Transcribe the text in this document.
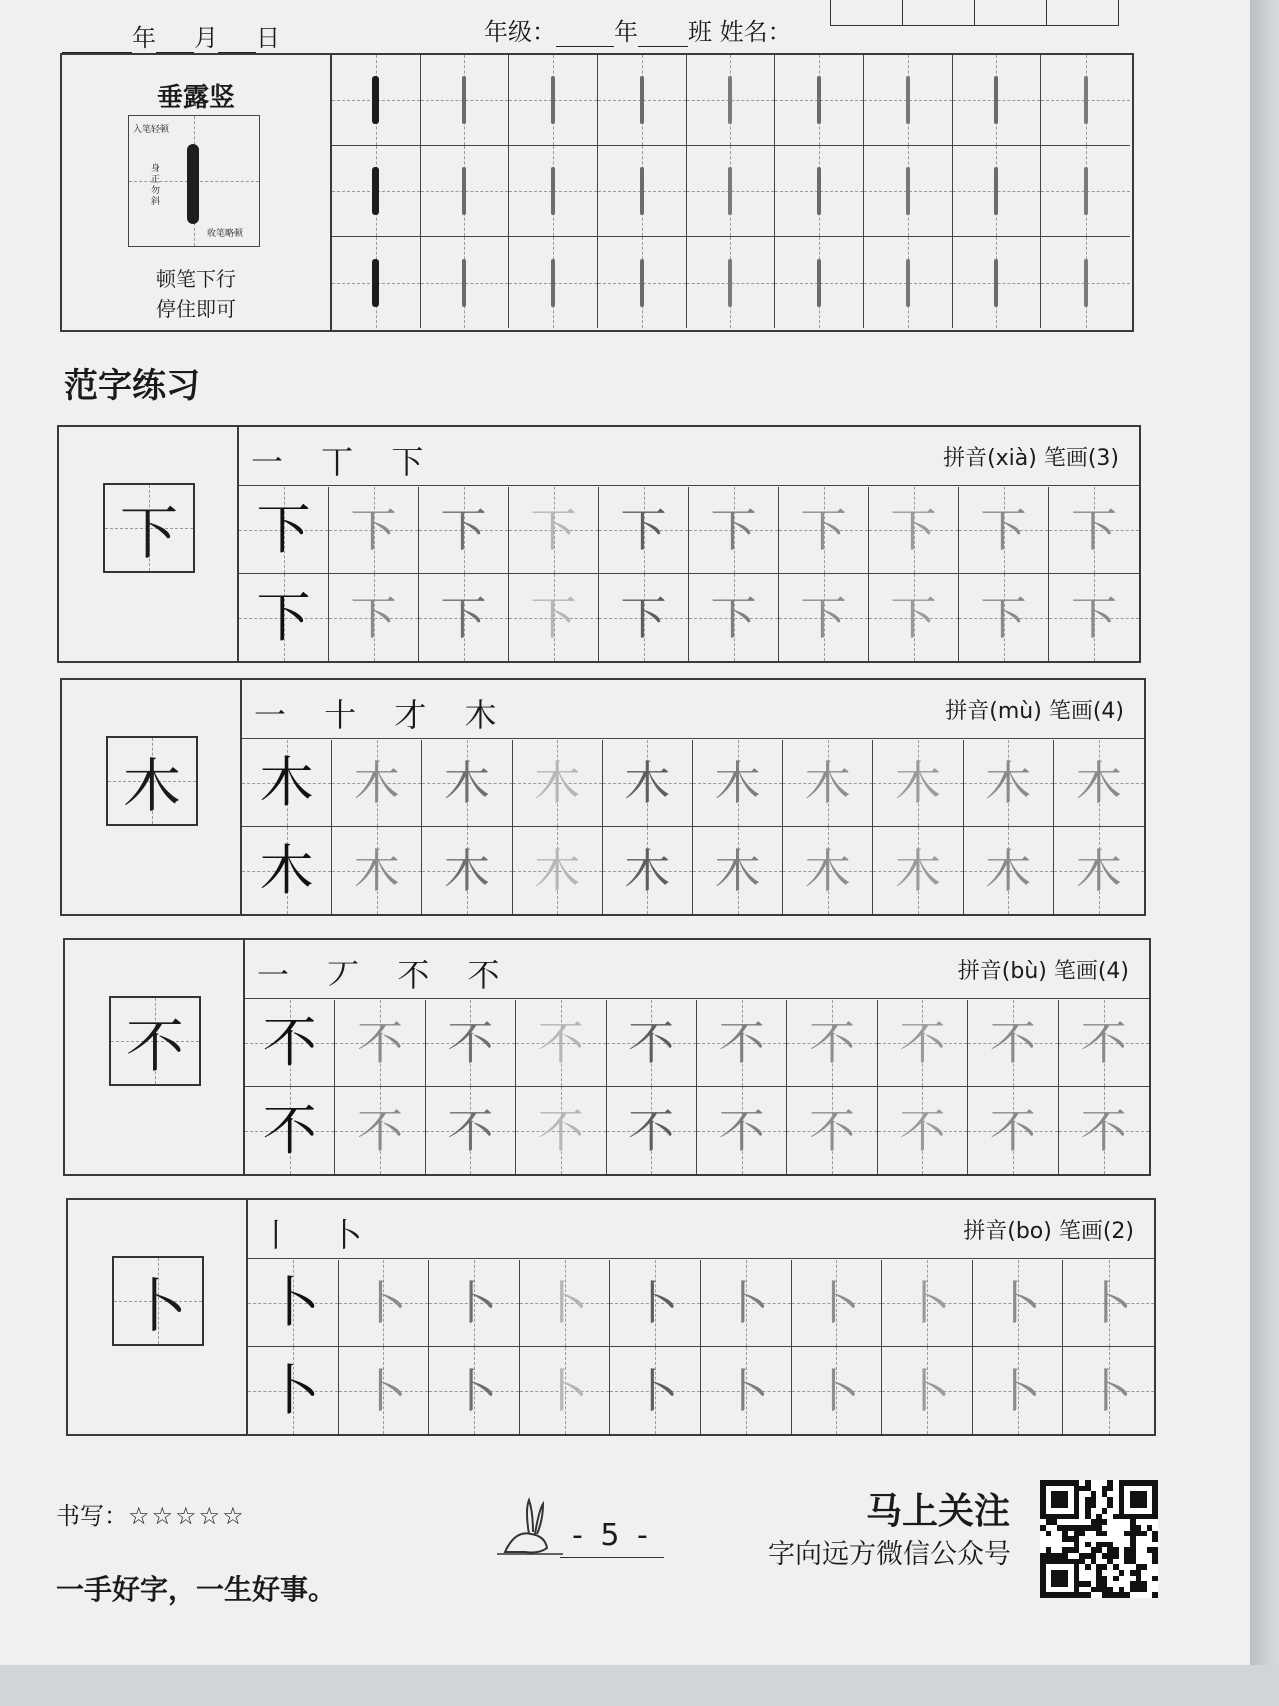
年 月 日	年级： 年 班 姓名：
垂露竖
入笔轻顿
身正勿斜
收笔略顿
顿笔下行
停住即可
范字练习
下
一 丅 下	拼音(xià) 笔画(3)
下 下 下 下 下 下 下 下 下 下
下 下 下 下 下 下 下 下 下 下
木
一 十 才 木	拼音(mù) 笔画(4)
木 木 木 木 木 木 木 木 木 木
木 木 木 木 木 木 木 木 木 木
不
一 丆 不 不	拼音(bù) 笔画(4)
不 不 不 不 不 不 不 不 不 不
不 不 不 不 不 不 不 不 不 不
卜
丨 卜	拼音(bo) 笔画(2)
卜 卜 卜 卜 卜 卜 卜 卜 卜 卜
卜 卜 卜 卜 卜 卜 卜 卜 卜 卜
书写：☆☆☆☆☆
一手好字，一生好事。
- 5 -
马上关注
字向远方微信公众号
